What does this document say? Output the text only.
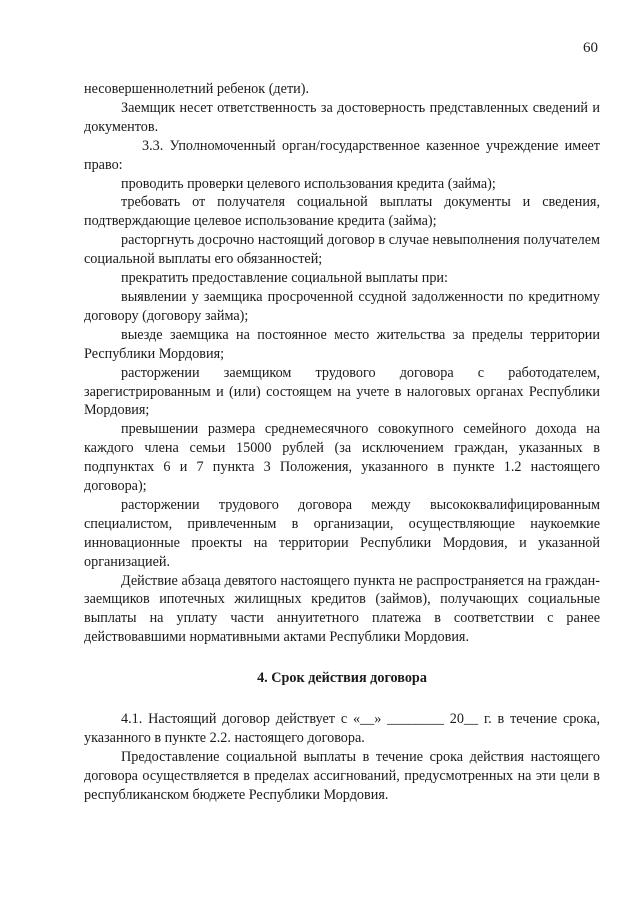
60

несовершеннолетний ребенок (дети).

Заемщик несет ответственность за достоверность представленных сведений и документов.

3.3. Уполномоченный орган/государственное казенное учреждение имеет право:

проводить проверки целевого использования кредита (займа);

требовать от получателя социальной выплаты документы и сведения, подтверждающие целевое использование кредита (займа);

расторгнуть досрочно настоящий договор в случае невыполнения получателем социальной выплаты его обязанностей;

прекратить предоставление социальной выплаты при:

выявлении у заемщика просроченной ссудной задолженности по кредитному договору (договору займа);

выезде заемщика на постоянное место жительства за пределы территории Республики Мордовия;

расторжении заемщиком трудового договора с работодателем, зарегистрированным и (или) состоящем на учете в налоговых органах Республики Мордовия;

превышении размера среднемесячного совокупного семейного дохода на каждого члена семьи 15000 рублей (за исключением граждан, указанных в подпунктах 6 и 7 пункта 3 Положения, указанного в пункте 1.2 настоящего договора);

расторжении трудового договора между высококвалифицированным специалистом, привлеченным в организации, осуществляющие наукоемкие инновационные проекты на территории Республики Мордовия, и указанной организацией.

Действие абзаца девятого настоящего пункта не распространяется на граждан-заемщиков ипотечных жилищных кредитов (займов), получающих социальные выплаты на уплату части аннуитетного платежа в соответствии с ранее действовавшими нормативными актами Республики Мордовия.

4. Срок действия договора

4.1. Настоящий договор действует с «__» ________ 20__ г. в течение срока, указанного в пункте 2.2. настоящего договора.

Предоставление социальной выплаты в течение срока действия настоящего договора осуществляется в пределах ассигнований, предусмотренных на эти цели в республиканском бюджете Республики Мордовия.
